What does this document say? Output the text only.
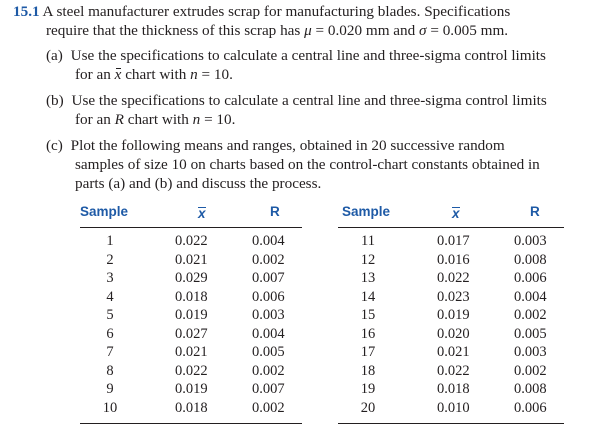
15.1 A steel manufacturer extrudes scrap for manufacturing blades. Specifications
require that the thickness of this scrap has μ = 0.020 mm and σ = 0.005 mm.
(a) Use the specifications to calculate a central line and three-sigma control limits
for an x chart with n = 10.
(b) Use the specifications to calculate a central line and three-sigma control limits
for an R chart with n = 10.
(c) Plot the following means and ranges, obtained in 20 successive random
samples of size 10 on charts based on the control-chart constants obtained in
parts (a) and (b) and discuss the process.
Sample	x	R
1	0.022	0.004
2	0.021	0.002
3	0.029	0.007
4	0.018	0.006
5	0.019	0.003
6	0.027	0.004
7	0.021	0.005
8	0.022	0.002
9	0.019	0.007
10	0.018	0.002
Sample	x	R
11	0.017	0.003
12	0.016	0.008
13	0.022	0.006
14	0.023	0.004
15	0.019	0.002
16	0.020	0.005
17	0.021	0.003
18	0.022	0.002
19	0.018	0.008
20	0.010	0.006
